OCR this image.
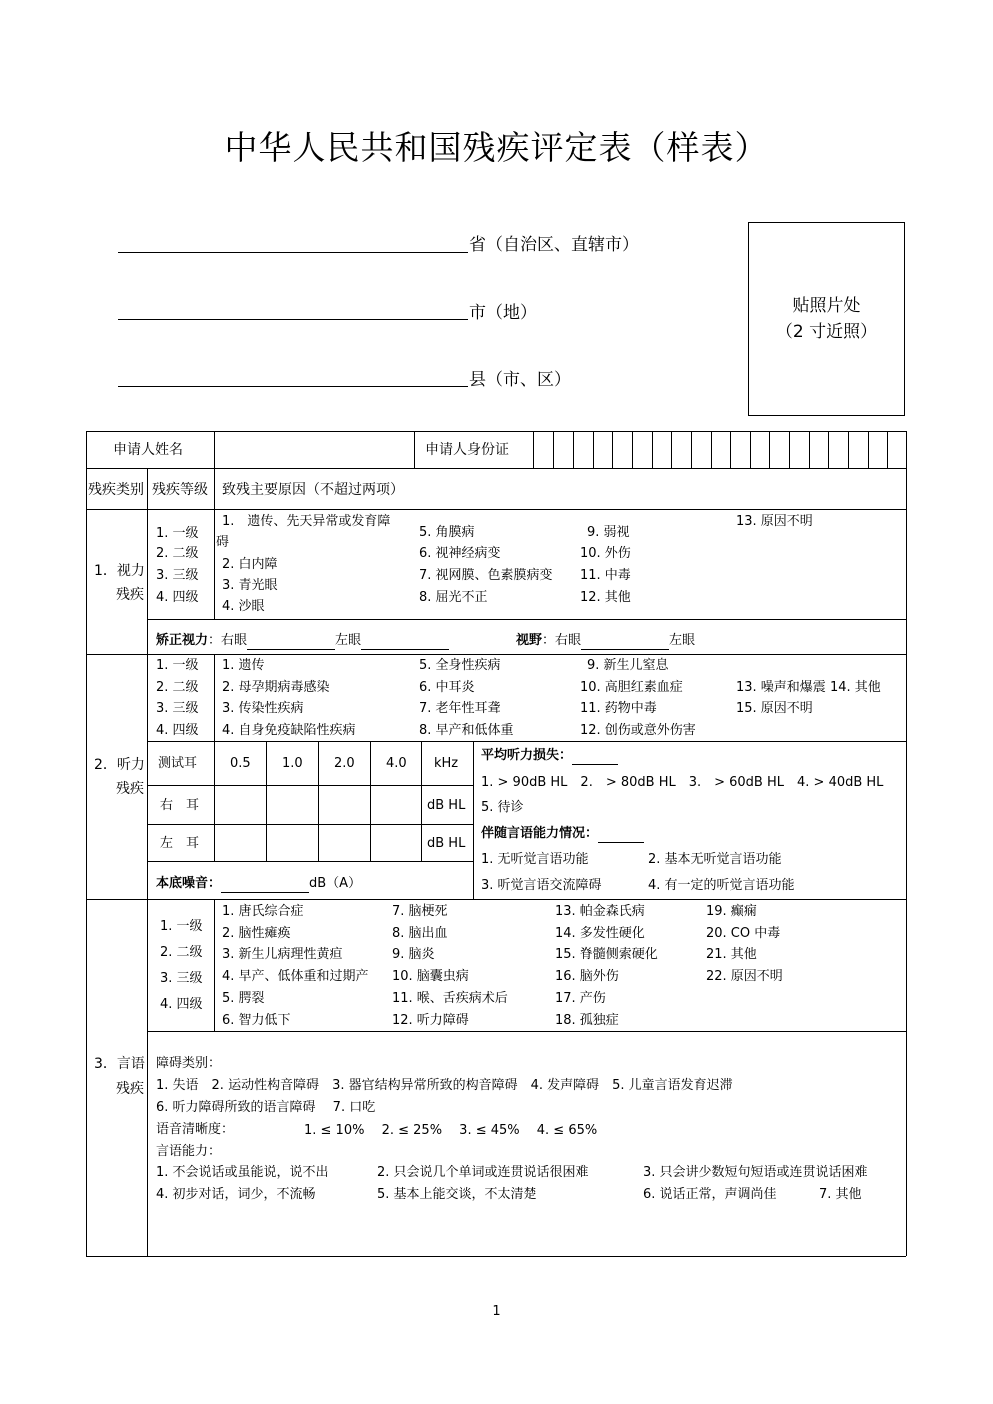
中华人民共和国残疾评定表（样表）
省（自治区、直辖市）
市（地）
县（市、区）
贴照片处
（2 寸近照）
申请人姓名	申请人身份证
残疾类别 残疾等级 致残主要原因（不超过两项）
1．视力
残疾
1. 一级
2. 二级
3. 三级
4. 四级
1.　遗传、先天异常或发育障
碍
2. 白内障
3. 青光眼
4. 沙眼
5. 角膜病
6. 视神经病变
7. 视网膜、色素膜病变
8. 屈光不正
9. 弱视
10. 外伤
11. 中毒
12. 其他
13. 原因不明
矫正视力：右眼	左眼	视野：右眼	左眼
2．听力
残疾
1. 一级
2. 二级
3. 三级
4. 四级
1. 遗传
2. 母孕期病毒感染
3. 传染性疾病
4. 自身免疫缺陷性疾病
5. 全身性疾病
6. 中耳炎
7. 老年性耳聋
8. 早产和低体重
9. 新生儿窒息
10. 高胆红素血症
11. 药物中毒
12. 创伤或意外伤害
13. 噪声和爆震 14. 其他
15. 原因不明
测试耳	0.5 1.0 2.0 4.0 kHz
右　耳	dB HL
左　耳	dB HL
本底噪音：	dB（A）
平均听力损失：
1. > 90dB HL　2.　> 80dB HL　3.　> 60dB HL　4. > 40dB HL
5. 待诊
伴随言语能力情况：
1. 无听觉言语功能	2. 基本无听觉言语功能
3. 听觉言语交流障碍	4. 有一定的听觉言语功能
3．言语
残疾
1. 一级
2. 二级
3. 三级
4. 四级
1. 唐氏综合症
2. 脑性瘫痪
3. 新生儿病理性黄疸
4. 早产、低体重和过期产
5. 腭裂
6. 智力低下
7. 脑梗死
8. 脑出血
9. 脑炎
10. 脑囊虫病
11. 喉、舌疾病术后
12. 听力障碍
13. 帕金森氏病
14. 多发性硬化
15. 脊髓侧索硬化
16. 脑外伤
17. 产伤
18. 孤独症
19. 癫痫
20. CO 中毒
21. 其他
22. 原因不明
障碍类别：
1. 失语　2. 运动性构音障碍　3. 器官结构异常所致的构音障碍　4. 发声障碍　5. 儿童言语发育迟滞
6. 听力障碍所致的语言障碍　 7. 口吃
语音清晰度：	1. ≤ 10%　 2. ≤ 25%　 3. ≤ 45%　 4. ≤ 65%
言语能力：
1. 不会说话或虽能说，说不出	2. 只会说几个单词或连贯说话很困难	3. 只会讲少数短句短语或连贯说话困难
4. 初步对话，词少，不流畅	5. 基本上能交谈，不太清楚	6. 说话正常，声调尚佳	7. 其他
1
